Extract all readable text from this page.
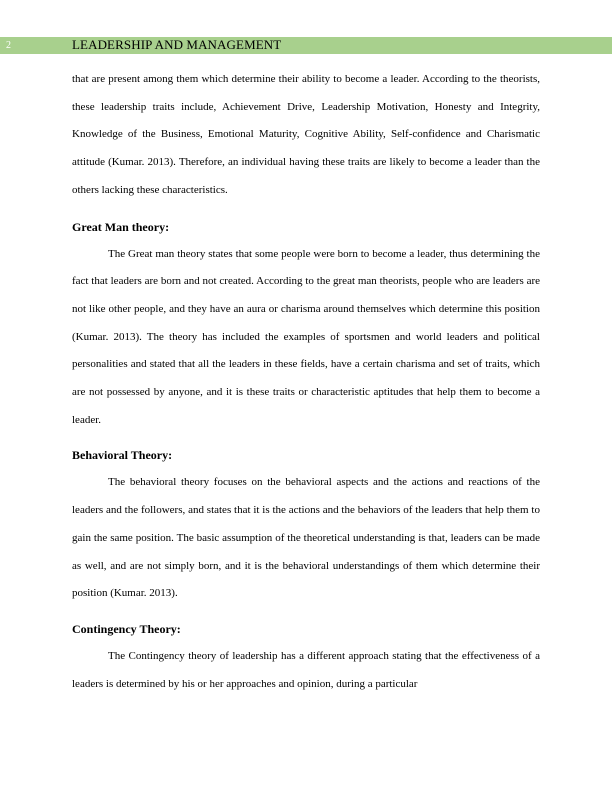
2	LEADERSHIP AND MANAGEMENT

that are present among them which determine their ability to become a leader. According to the theorists, these leadership traits include, Achievement Drive, Leadership Motivation, Honesty and Integrity, Knowledge of the Business, Emotional Maturity, Cognitive Ability, Self-confidence and Charismatic attitude (Kumar. 2013). Therefore, an individual having these traits are likely to become a leader than the others lacking these characteristics.

Great Man theory:

The Great man theory states that some people were born to become a leader, thus determining the fact that leaders are born and not created. According to the great man theorists, people who are leaders are not like other people, and they have an aura or charisma around themselves which determine this position (Kumar. 2013). The theory has included the examples of sportsmen and world leaders and political personalities and stated that all the leaders in these fields, have a certain charisma and set of traits, which are not possessed by anyone, and it is these traits or characteristic aptitudes that help them to become a leader.

Behavioral Theory:

The behavioral theory focuses on the behavioral aspects and the actions and reactions of the leaders and the followers, and states that it is the actions and the behaviors of the leaders that help them to gain the same position. The basic assumption of the theoretical understanding is that, leaders can be made as well, and are not simply born, and it is the behavioral understandings of them which determine their position (Kumar. 2013).

Contingency Theory:

The Contingency theory of leadership has a different approach stating that the effectiveness of a leaders is determined by his or her approaches and opinion, during a particular
